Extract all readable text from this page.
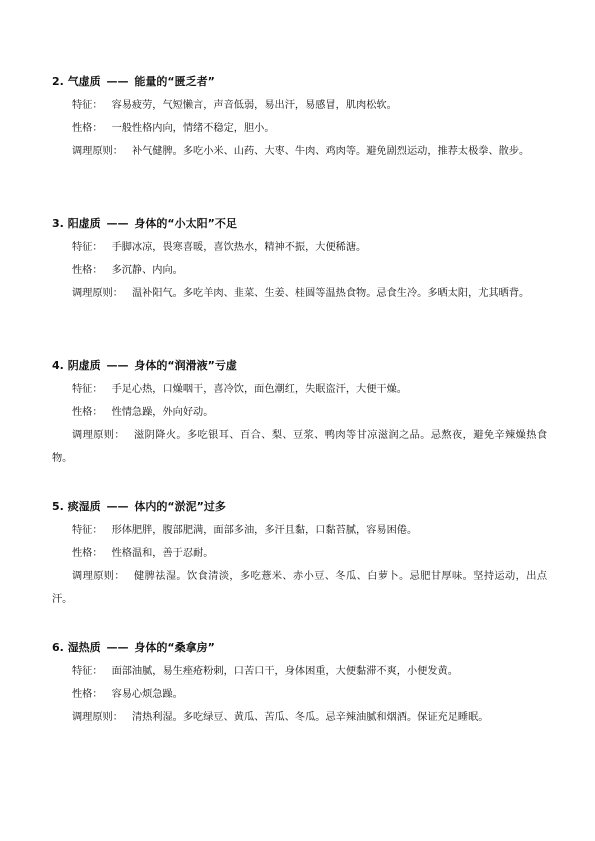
2. 气虚质 —— 能量的“匮乏者”
特征： 容易疲劳，气短懒言，声音低弱，易出汗，易感冒，肌肉松软。
性格： 一般性格内向，情绪不稳定，胆小。
调理原则： 补气健脾。多吃小米、山药、大枣、牛肉、鸡肉等。避免剧烈运动，推荐太极拳、散步。
3. 阳虚质 —— 身体的“小太阳”不足
特征： 手脚冰凉，畏寒喜暖，喜饮热水，精神不振，大便稀溏。
性格： 多沉静、内向。
调理原则： 温补阳气。多吃羊肉、韭菜、生姜、桂圆等温热食物。忌食生冷。多晒太阳，尤其晒背。
4. 阴虚质 —— 身体的“润滑液”亏虚
特征： 手足心热，口燥咽干，喜冷饮，面色潮红，失眠盗汗，大便干燥。
性格： 性情急躁，外向好动。
调理原则： 滋阴降火。多吃银耳、百合、梨、豆浆、鸭肉等甘凉滋润之品。忌熬夜，避免辛辣燥热食物。
5. 痰湿质 —— 体内的“淤泥”过多
特征： 形体肥胖，腹部肥满，面部多油，多汗且黏，口黏苔腻，容易困倦。
性格： 性格温和，善于忍耐。
调理原则： 健脾祛湿。饮食清淡，多吃薏米、赤小豆、冬瓜、白萝卜。忌肥甘厚味。坚持运动，出点汗。
6. 湿热质 —— 身体的“桑拿房”
特征： 面部油腻，易生痤疮粉刺，口苦口干，身体困重，大便黏滞不爽，小便发黄。
性格： 容易心烦急躁。
调理原则： 清热利湿。多吃绿豆、黄瓜、苦瓜、冬瓜。忌辛辣油腻和烟酒。保证充足睡眠。
